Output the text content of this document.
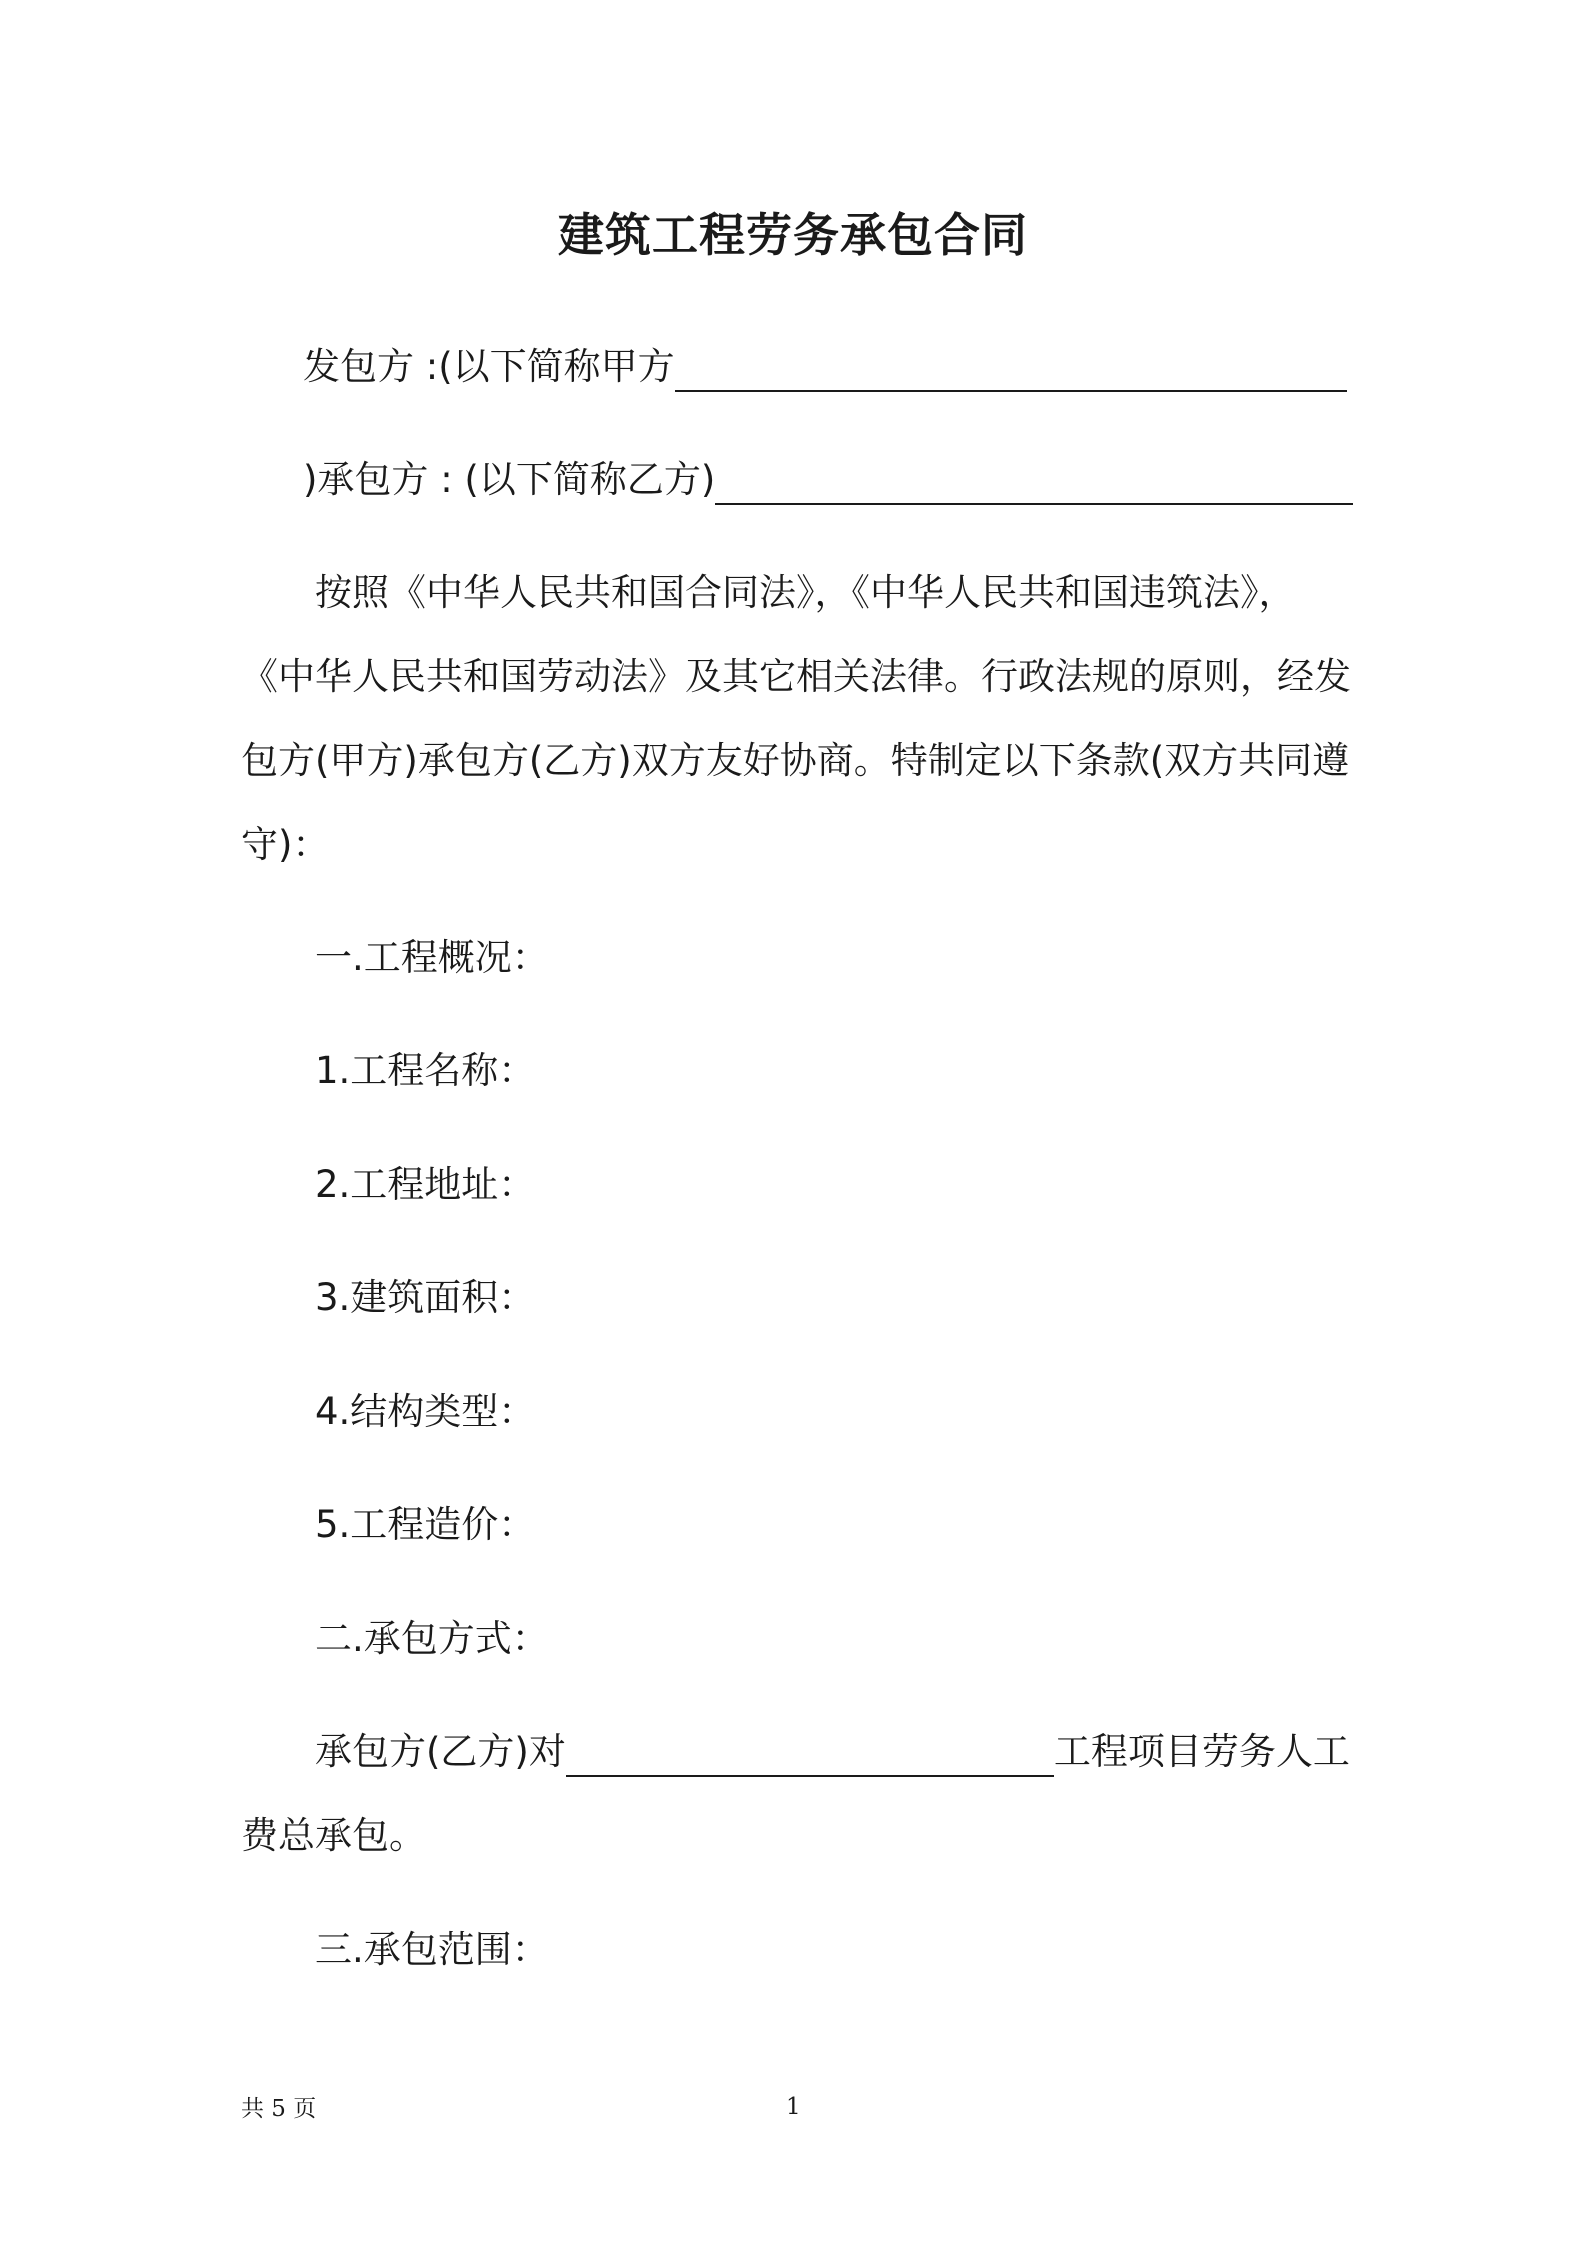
建筑工程劳务承包合同
发包方 :(以下简称甲方
)承包方 : (以下简称乙方)
按照《中华人民共和国合同法》，《中华人民共和国违筑法》，
《中华人民共和国劳动法》及其它相关法律。行政法规的原则，经发
包方(甲方)承包方(乙方)双方友好协商。特制定以下条款(双方共同遵
守)：
一.工程概况：
1.工程名称：
2.工程地址：
3.建筑面积：
4.结构类型：
5.工程造价：
二.承包方式：
承包方(乙方)对	工程项目劳务人工
费总承包。
三.承包范围：
共 5 页	1
